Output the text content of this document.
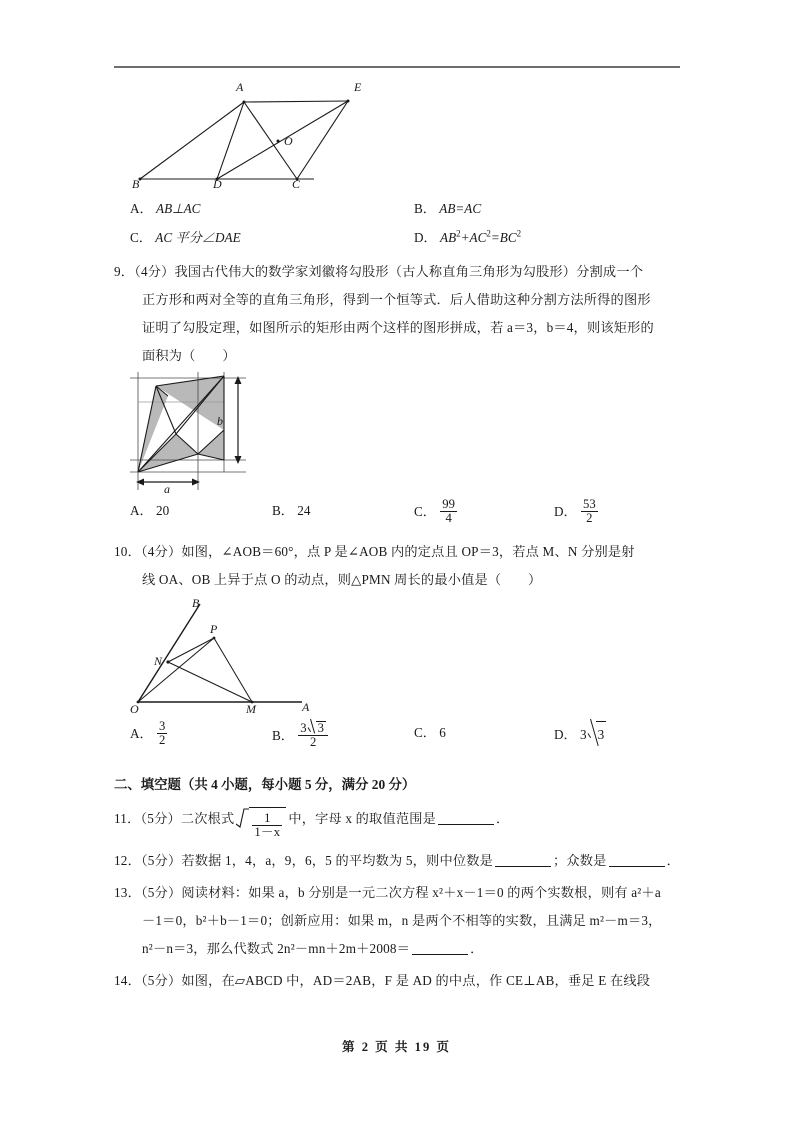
A	E
O
B	D	C
A． AB⊥AC	B． AB=AC
C． AC 平分∠DAE	D． $AB^2+AC^2=BC^2$
9．（4分）我国古代伟大的数学家刘徽将勾股形（古人称直角三角形为勾股形）分割成一个
正方形和两对全等的直角三角形，得到一个恒等式．后人借助这种分割方法所得的图形
证明了勾股定理，如图所示的矩形由两个这样的图形拼成，若 a＝3，b＝4，则该矩形的
面积为（　　）
b
a
A． 20	B． 24	C． $\frac{99}{4}$	D． $\frac{53}{2}$
10．（4分）如图，∠AOB＝60°，点 P 是∠AOB 内的定点且 OP＝3，若点 M、N 分别是射
线 OA、OB 上异于点 O 的动点，则△PMN 周长的最小值是（　　）
B
P
N
O	M	A
A． $\frac{3}{2}$	B． $\frac{3 3}{2}$	C． 6	D． 3 3
二、填空题（共 4 小题，每小题 5 分，满分 20 分）
11．（5分）二次根式 $\frac{1}{1-x}$ 中，字母 x 的取值范围是	．
12．（5分）若数据 1，4，a，9，6，5 的平均数为 5，则中位数是	；众数是	．
13．（5分）阅读材料：如果 a，b 分别是一元二次方程 x²＋x－1＝0 的两个实数根，则有 a²＋a
－1＝0，b²＋b－1＝0；创新应用：如果 m，n 是两个不相等的实数，且满足 m²－m＝3，
n²－n＝3，那么代数式 2n²－mn＋2m＋2008＝	．
14．（5分）如图，在▱ABCD 中，AD＝2AB，F 是 AD 的中点，作 CE⊥AB，垂足 E 在线段
第 2 页 共 19 页
